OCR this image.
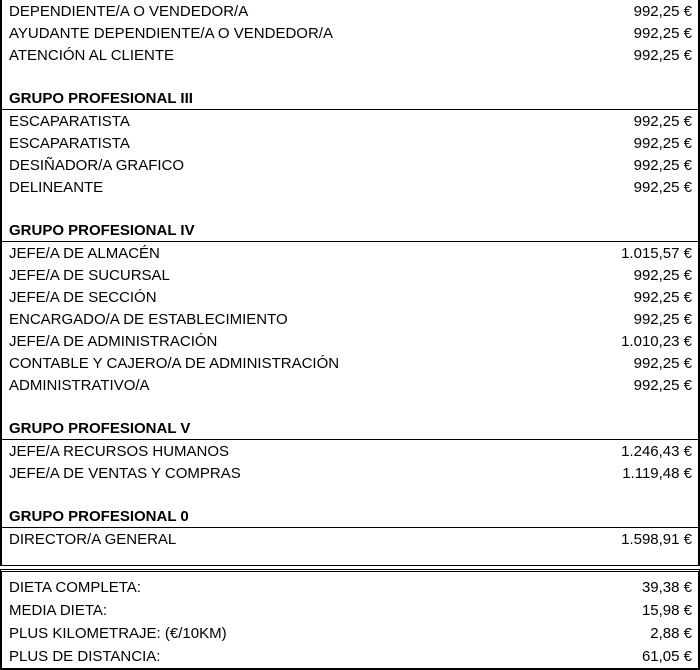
DEPENDIENTE/A O VENDEDOR/A	992,25 €
AYUDANTE DEPENDIENTE/A O VENDEDOR/A	992,25 €
ATENCIÓN AL CLIENTE	992,25 €
GRUPO PROFESIONAL III
ESCAPARATISTA	992,25 €
ESCAPARATISTA	992,25 €
DESIÑADOR/A GRAFICO	992,25 €
DELINEANTE	992,25 €
GRUPO PROFESIONAL IV
JEFE/A DE ALMACÉN	1.015,57 €
JEFE/A DE SUCURSAL	992,25 €
JEFE/A DE SECCIÓN	992,25 €
ENCARGADO/A DE ESTABLECIMIENTO	992,25 €
JEFE/A DE ADMINISTRACIÓN	1.010,23 €
CONTABLE Y CAJERO/A DE ADMINISTRACIÓN	992,25 €
ADMINISTRATIVO/A	992,25 €
GRUPO PROFESIONAL V
JEFE/A RECURSOS HUMANOS	1.246,43 €
JEFE/A DE VENTAS Y COMPRAS	1.119,48 €
GRUPO PROFESIONAL 0
DIRECTOR/A GENERAL	1.598,91 €
DIETA COMPLETA:	39,38 €
MEDIA DIETA:	15,98 €
PLUS KILOMETRAJE: (€/10KM)	2,88 €
PLUS DE DISTANCIA:	61,05 €
